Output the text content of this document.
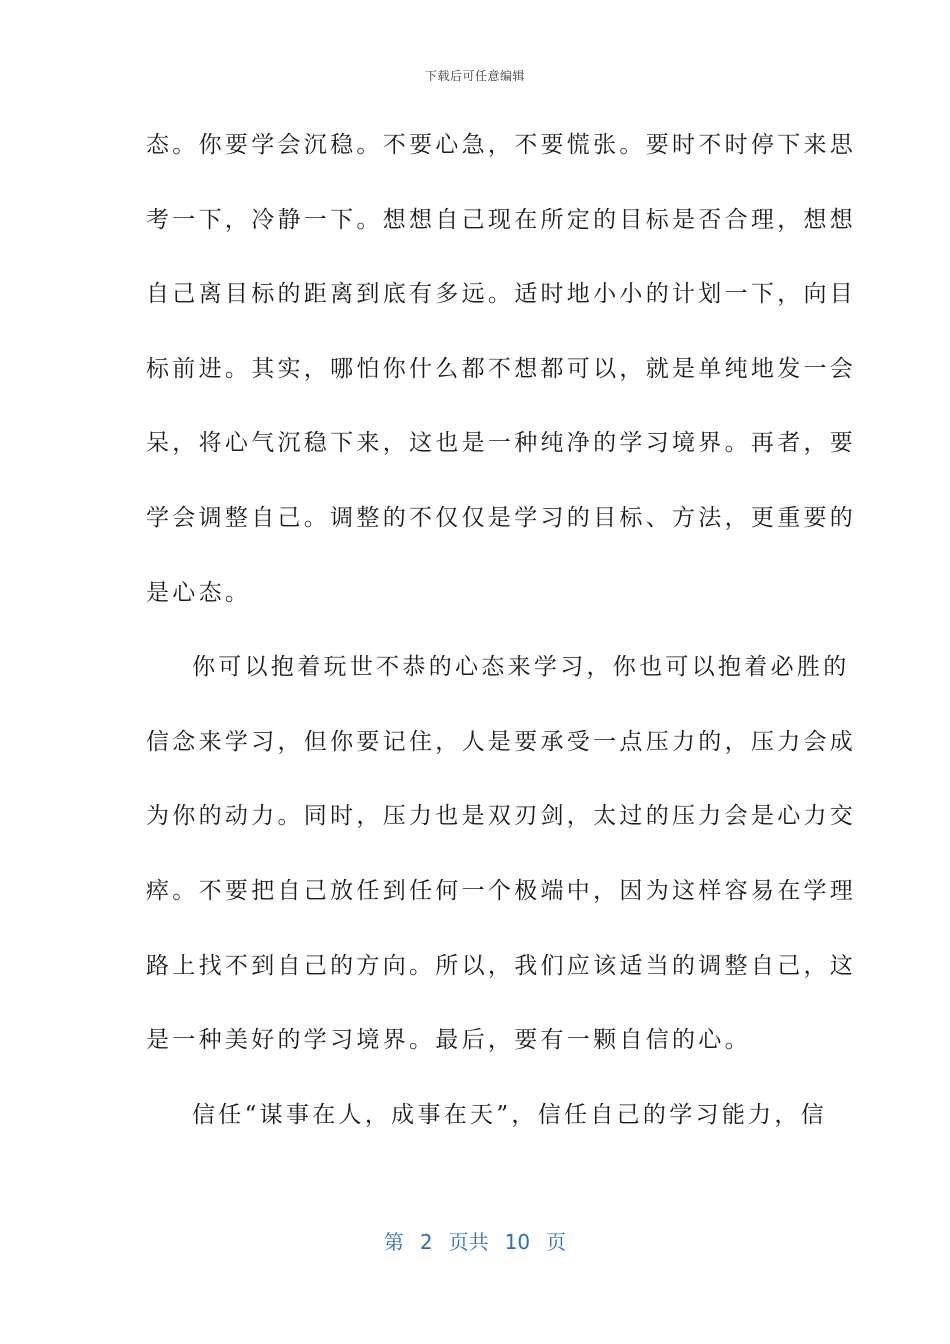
下载后可任意编辑
态。你要学会沉稳。不要心急，不要慌张。要时不时停下来思
考一下，冷静一下。想想自己现在所定的目标是否合理，想想
自己离目标的距离到底有多远。适时地小小的计划一下，向目
标前进。其实，哪怕你什么都不想都可以，就是单纯地发一会
呆，将心气沉稳下来，这也是一种纯净的学习境界。再者，要
学会调整自己。调整的不仅仅是学习的目标、方法，更重要的
是心态。
你可以抱着玩世不恭的心态来学习，你也可以抱着必胜的
信念来学习，但你要记住，人是要承受一点压力的，压力会成
为你的动力。同时，压力也是双刃剑，太过的压力会是心力交
瘁。不要把自己放任到任何一个极端中，因为这样容易在学理
路上找不到自己的方向。所以，我们应该适当的调整自己，这
是一种美好的学习境界。最后，要有一颗自信的心。
信任“谋事在人，成事在天”，信任自己的学习能力，信
第 2 页共 10 页
